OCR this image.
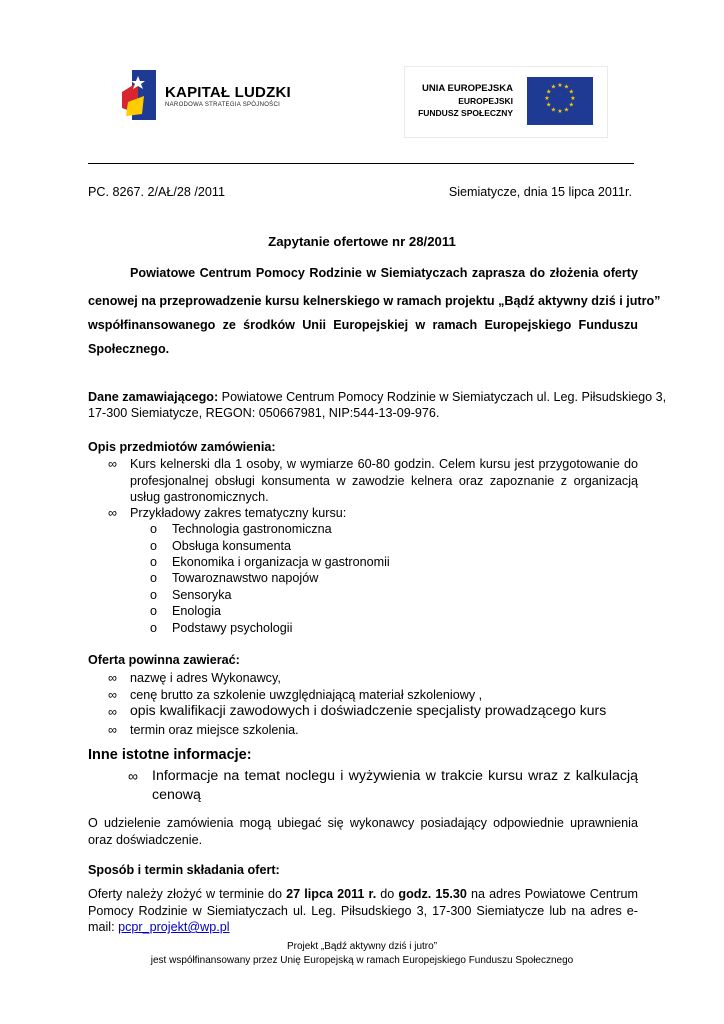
KAPITAŁ LUDZKI
NARODOWA STRATEGIA SPÓJNOŚCI
UNIA EUROPEJSKA
EUROPEJSKI
FUNDUSZ SPOŁECZNY
★ ★
★
★
★
★
★
★
★
★
★
★
PC. 8267. 2/AŁ/28 /2011	Siemiatycze, dnia 15 lipca 2011r.
Zapytanie ofertowe nr 28/2011
Powiatowe Centrum Pomocy Rodzinie w Siemiatyczach zaprasza do złożenia oferty
cenowej na przeprowadzenie kursu kelnerskiego w ramach projektu „Bądź aktywny dziś i jutro”
współfinansowanego ze środków Unii Europejskiej w ramach Europejskiego Funduszu
Społecznego.
Dane zamawiającego: Powiatowe Centrum Pomocy Rodzinie w Siemiatyczach ul. Leg. Piłsudskiego 3,
17-300 Siemiatycze, REGON: 050667981, NIP:544-13-09-976.
Opis przedmiotów zamówienia:
∞ Kurs kelnerski dla 1 osoby, w wymiarze 60-80 godzin. Celem kursu jest przygotowanie do profesjonalnej obsługi konsumenta w zawodzie kelnera oraz zapoznanie z organizacją usług gastronomicznych.
∞ Przykładowy zakres tematyczny kursu:
o Technologia gastronomiczna
o Obsługa konsumenta
o Ekonomika i organizacja w gastronomii
o Towaroznawstwo napojów
o Sensoryka
o Enologia
o Podstawy psychologii
Oferta powinna zawierać:
∞ nazwę i adres Wykonawcy,
∞ cenę brutto za szkolenie uwzględniającą materiał szkoleniowy ,
∞ opis kwalifikacji zawodowych i doświadczenie specjalisty prowadzącego kurs
∞ termin oraz miejsce szkolenia.
Inne istotne informacje:
∞ Informacje na temat noclegu i wyżywienia w trakcie kursu wraz z kalkulacją cenową
O udzielenie zamówienia mogą ubiegać się wykonawcy posiadający odpowiednie uprawnienia oraz doświadczenie.
Sposób i termin składania ofert:
Oferty należy złożyć w terminie do 27 lipca 2011 r. do godz. 15.30 na adres Powiatowe Centrum Pomocy Rodzinie w Siemiatyczach ul. Leg. Piłsudskiego 3, 17-300 Siemiatycze lub na adres e-mail: pcpr_projekt@wp.pl
Projekt „Bądź aktywny dziś i jutro”
jest współfinansowany przez Unię Europejską w ramach Europejskiego Funduszu Społecznego
